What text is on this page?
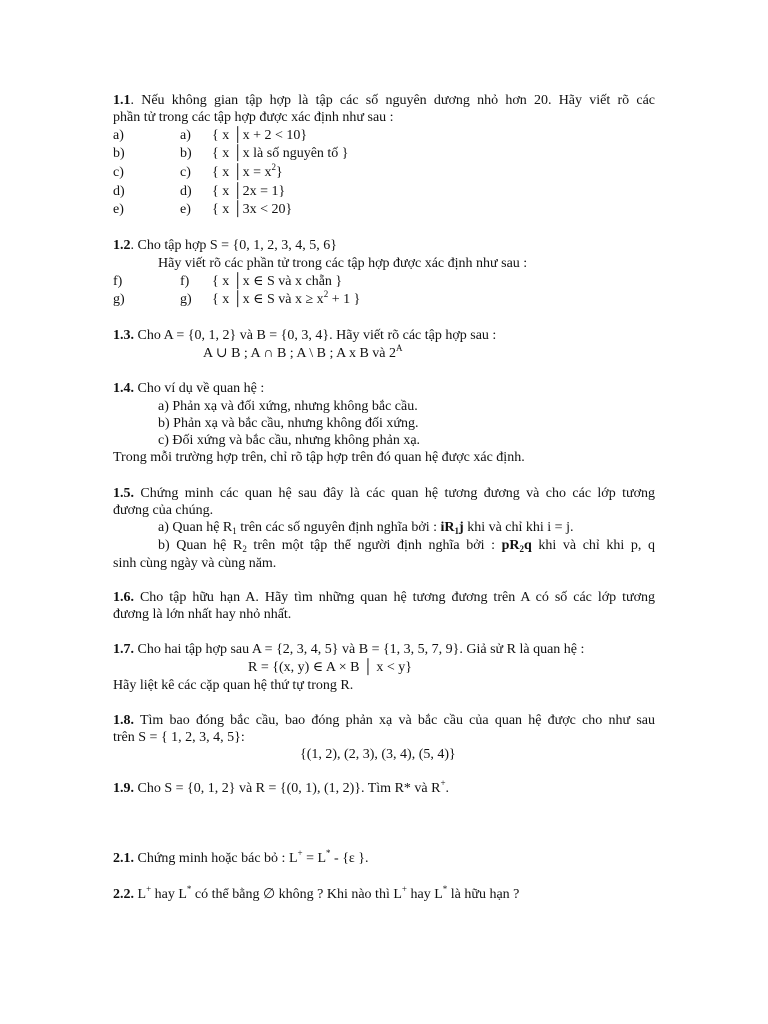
1.1. Nếu không gian tập hợp là tập các số nguyên dương nhỏ hơn 20. Hãy viết rõ các
phần tử trong các tập hợp được xác định như sau :
a)	a) { x │x + 2 < 10}
b)	b) { x │x là số nguyên tố }
c)	c) { x │x = $x^2$}
d)	d) { x │2x = 1}
e)	e) { x │3x < 20}
1.2. Cho tập hợp S = {0, 1, 2, 3, 4, 5, 6}
Hãy viết rõ các phần tử trong các tập hợp được xác định như sau :
f)	f) { x │x ∈ S và x chẵn }
g)	g) { x │x ∈ S và $x \ge x^2 + 1$ }
1.3. Cho A = {0, 1, 2} và B = {0, 3, 4}. Hãy viết rõ các tập hợp sau :
A ∪ B ; A ∩ B ; A \ B ; A x B và $2^A$
1.4. Cho ví dụ về quan hệ :
a) Phản xạ và đối xứng, nhưng không bắc cầu.
b) Phản xạ và bắc cầu, nhưng không đối xứng.
c) Đối xứng và bắc cầu, nhưng không phản xạ.
Trong mỗi trường hợp trên, chỉ rõ tập hợp trên đó quan hệ được xác định.
1.5. Chứng minh các quan hệ sau đây là các quan hệ tương đương và cho các lớp tương
đương của chúng.
a) Quan hệ $R_1$ trên các số nguyên định nghĩa bởi : $iR_1j$ khi và chỉ khi i = j.
b) Quan hệ $R_2$ trên một tập thể người định nghĩa bởi : $pR_2q$ khi và chỉ khi p, q
sinh cùng ngày và cùng năm.
1.6. Cho tập hữu hạn A. Hãy tìm những quan hệ tương đương trên A có số các lớp tương
đương là lớn nhất hay nhỏ nhất.
1.7. Cho hai tập hợp sau A = {2, 3, 4, 5} và B = {1, 3, 5, 7, 9}. Giả sử R là quan hệ :
R = {(x, y) ∈ A × B │ x < y}
Hãy liệt kê các cặp quan hệ thứ tự trong R.
1.8. Tìm bao đóng bắc cầu, bao đóng phản xạ và bắc cầu của quan hệ được cho như sau
trên S = { 1, 2, 3, 4, 5}:
{(1, 2), (2, 3), (3, 4), (5, 4)}
1.9. Cho S = {0, 1, 2} và R = {(0, 1), (1, 2)}. Tìm R* và R+.
2.1. Chứng minh hoặc bác bỏ : L+ = L* - {ε }.
2.2. L+ hay L* có thể bằng ∅ không ? Khi nào thì L+ hay L* là hữu hạn ?
